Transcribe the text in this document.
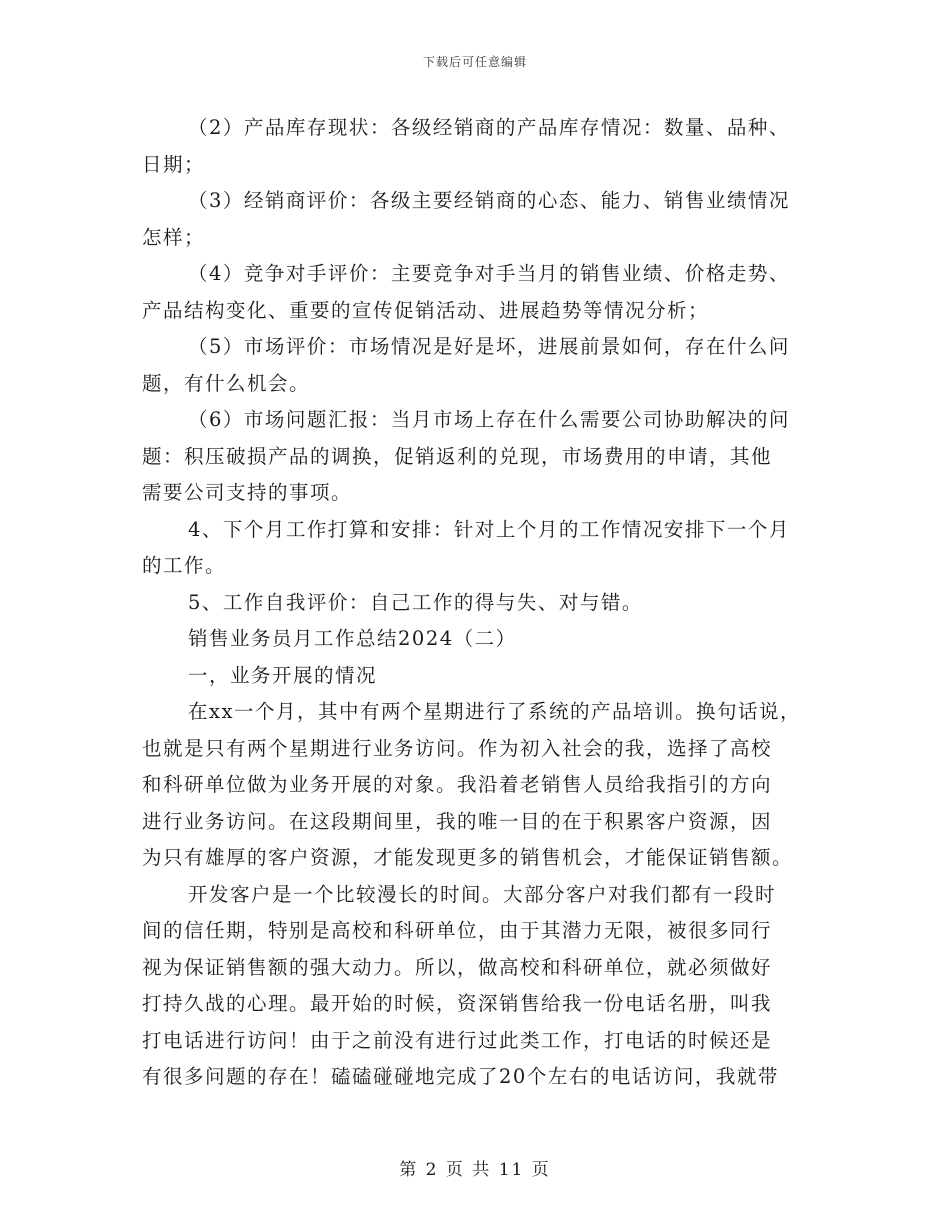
下载后可任意编辑
（2）产品库存现状：各级经销商的产品库存情况：数量、品种、
日期；
（3）经销商评价：各级主要经销商的心态、能力、销售业绩情况
怎样；
（4）竞争对手评价：主要竞争对手当月的销售业绩、价格走势、
产品结构变化、重要的宣传促销活动、进展趋势等情况分析；
（5）市场评价：市场情况是好是坏，进展前景如何，存在什么问
题，有什么机会。
（6）市场问题汇报：当月市场上存在什么需要公司协助解决的问
题：积压破损产品的调换，促销返利的兑现，市场费用的申请，其他
需要公司支持的事项。
4、下个月工作打算和安排：针对上个月的工作情况安排下一个月
的工作。
5、工作自我评价：自己工作的得与失、对与错。
销售业务员月工作总结2024（二）
一，业务开展的情况
在xx一个月，其中有两个星期进行了系统的产品培训。换句话说，
也就是只有两个星期进行业务访问。作为初入社会的我，选择了高校
和科研单位做为业务开展的对象。我沿着老销售人员给我指引的方向
进行业务访问。在这段期间里，我的唯一目的在于积累客户资源，因
为只有雄厚的客户资源，才能发现更多的销售机会，才能保证销售额。
开发客户是一个比较漫长的时间。大部分客户对我们都有一段时
间的信任期，特别是高校和科研单位，由于其潜力无限，被很多同行
视为保证销售额的强大动力。所以，做高校和科研单位，就必须做好
打持久战的心理。最开始的时候，资深销售给我一份电话名册，叫我
打电话进行访问！由于之前没有进行过此类工作，打电话的时候还是
有很多问题的存在！磕磕碰碰地完成了20个左右的电话访问，我就带
第 2 页 共 11 页
